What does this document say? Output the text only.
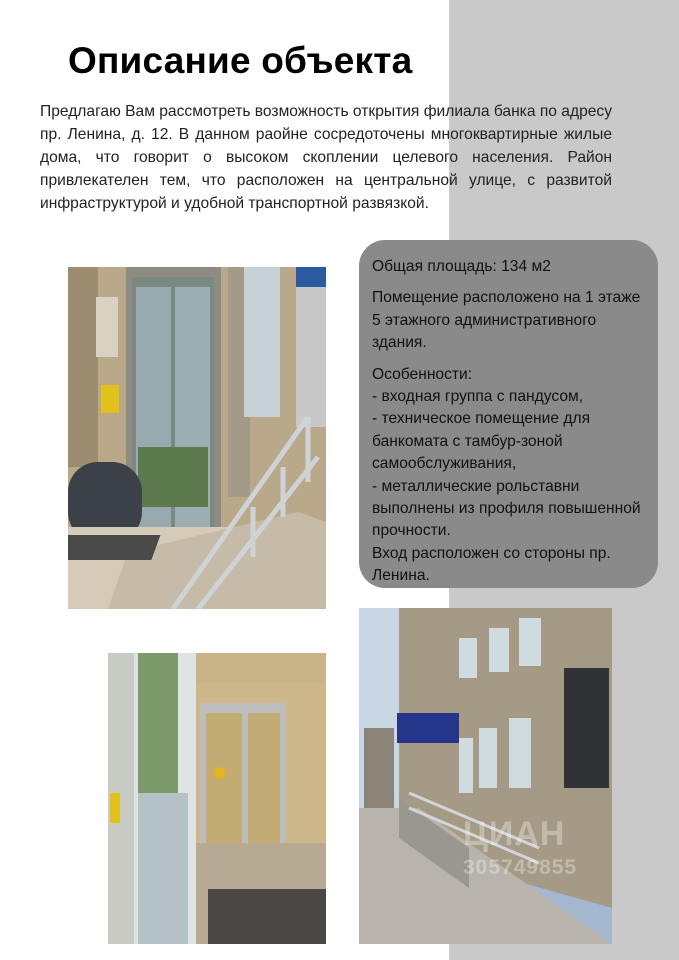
Описание объекта

Предлагаю Вам рассмотреть возможность открытия филиала банка по адресу пр. Ленина, д. 12. В данном раойне сосредоточены многоквартирные жилые дома, что говорит о высоком скоплении целевого населения. Район привлекателен тем, что расположен на центральной улице, с развитой инфраструктурой и удобной транспортной развязкой.

ЦИАН
305749855

Общая площадь: 134 м2

Помещение расположено на 1 этаже 5 этажного административного здания.

Особенности:

- входная группа с пандусом,
- техническое помещение для банкомата с тамбур-зоной самообслуживания,
- металлические рольставни выполнены из профиля повышенной прочности.
Вход расположен со стороны пр. Ленина.
